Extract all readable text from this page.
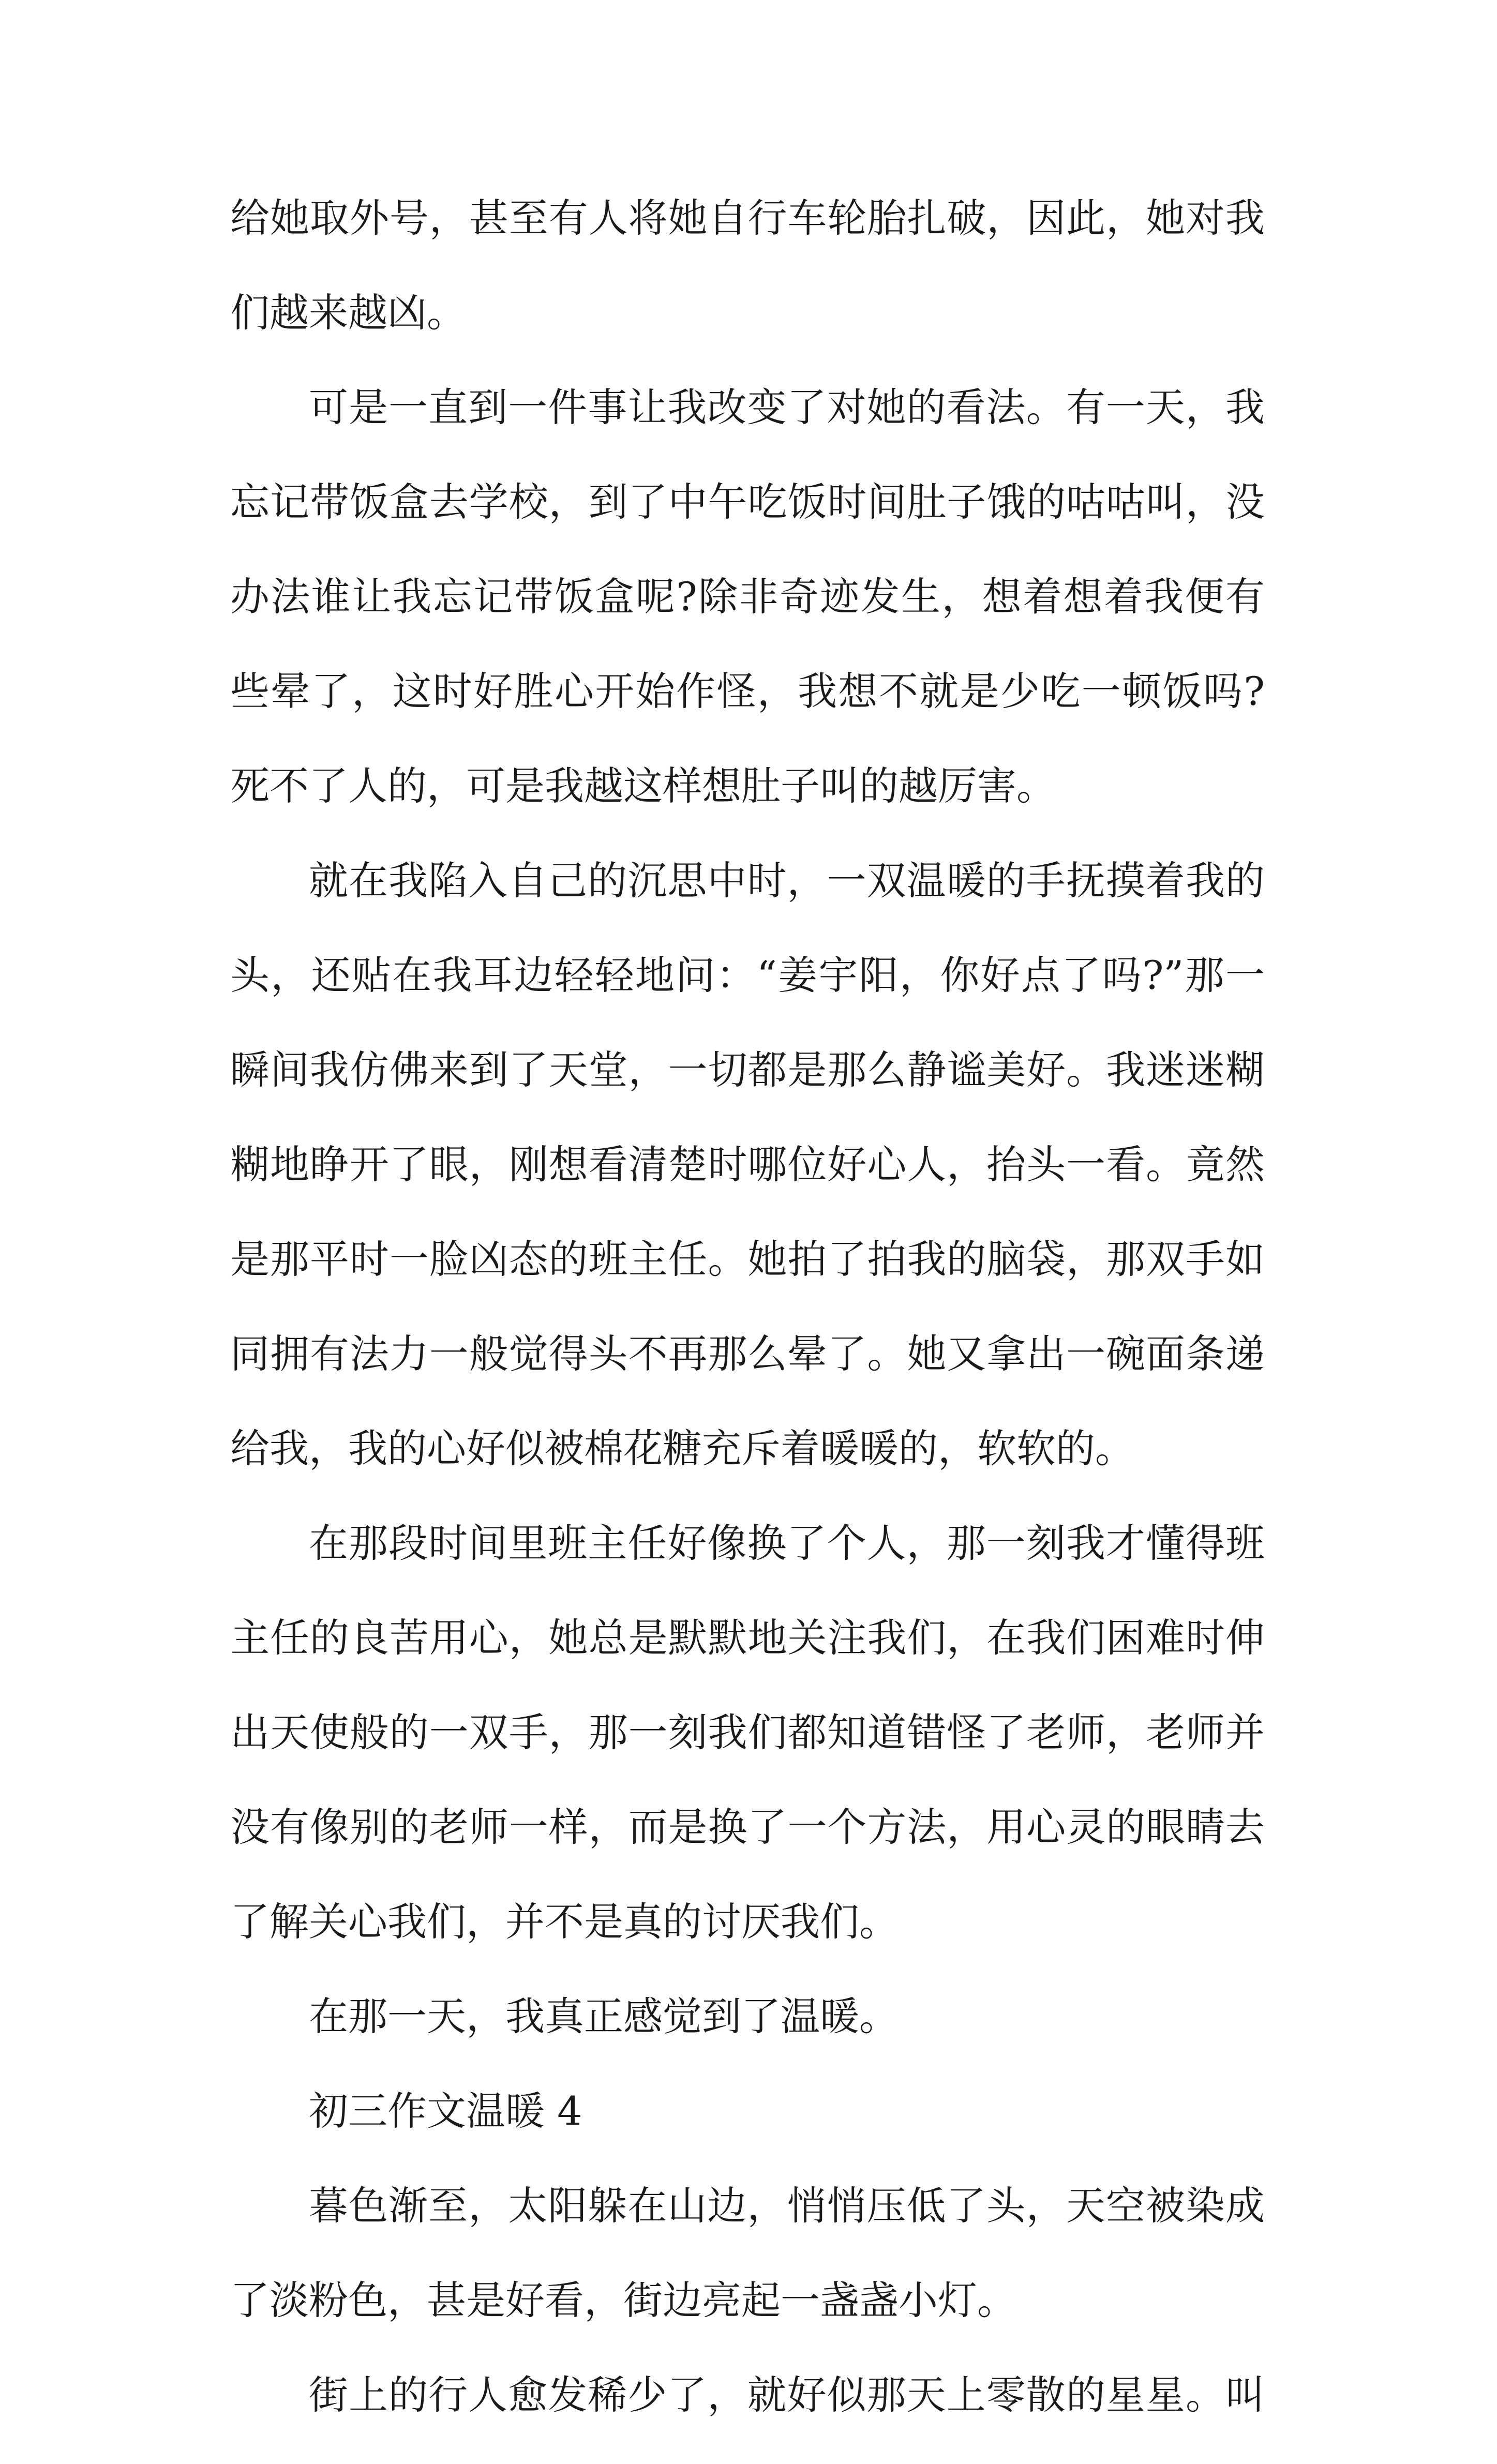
给她取外号，甚至有人将她自行车轮胎扎破，因此，她对我
们越来越凶。
可是一直到一件事让我改变了对她的看法。有一天，我
忘记带饭盒去学校，到了中午吃饭时间肚子饿的咕咕叫，没
办法谁让我忘记带饭盒呢?除非奇迹发生，想着想着我便有
些晕了，这时好胜心开始作怪，我想不就是少吃一顿饭吗?
死不了人的，可是我越这样想肚子叫的越厉害。
就在我陷入自己的沉思中时，一双温暖的手抚摸着我的
头，还贴在我耳边轻轻地问：“姜宇阳，你好点了吗?”那一
瞬间我仿佛来到了天堂，一切都是那么静谧美好。我迷迷糊
糊地睁开了眼，刚想看清楚时哪位好心人，抬头一看。竟然
是那平时一脸凶态的班主任。她拍了拍我的脑袋，那双手如
同拥有法力一般觉得头不再那么晕了。她又拿出一碗面条递
给我，我的心好似被棉花糖充斥着暖暖的，软软的。
在那段时间里班主任好像换了个人，那一刻我才懂得班
主任的良苦用心，她总是默默地关注我们，在我们困难时伸
出天使般的一双手，那一刻我们都知道错怪了老师，老师并
没有像别的老师一样，而是换了一个方法，用心灵的眼睛去
了解关心我们，并不是真的讨厌我们。
在那一天，我真正感觉到了温暖。
初三作文温暖 4
暮色渐至，太阳躲在山边，悄悄压低了头，天空被染成
了淡粉色，甚是好看，街边亮起一盏盏小灯。
街上的行人愈发稀少了，就好似那天上零散的星星。叫
